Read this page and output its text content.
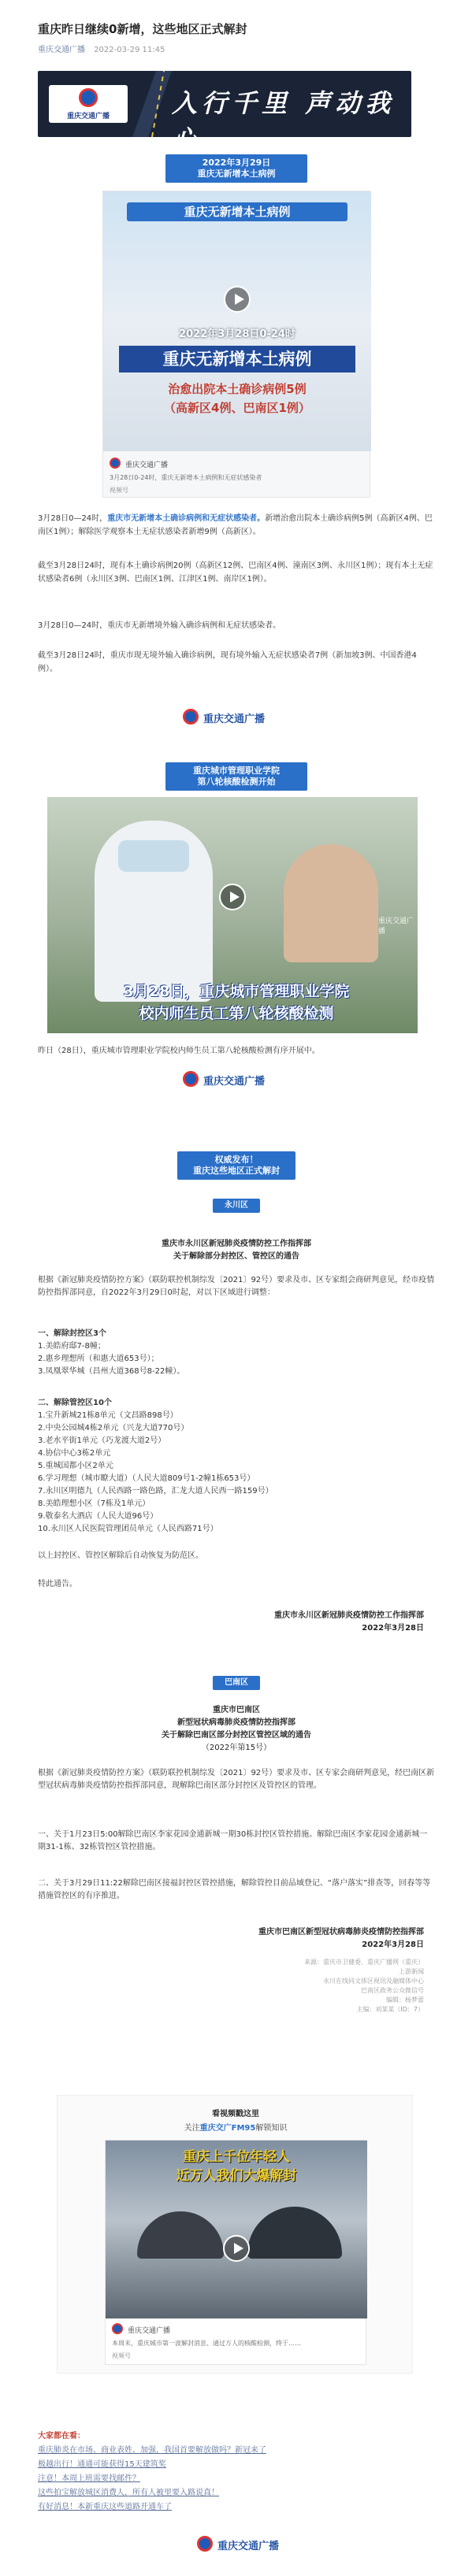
重庆昨日继续0新增，这些地区正式解封
重庆交通广播 2022-03-29 11:45
重庆交通广播	入行千里 声动我心
2022年3月29日
重庆无新增本土病例
重庆无新增本土病例
2022年3月28日0-24时
重庆无新增本土病例
治愈出院本土确诊病例5例
（高新区4例、巴南区1例）
重庆交通广播
3月28日0-24时，重庆无新增本土病例和无症状感染者
视频号
3月28日0—24时，重庆市无新增本土确诊病例和无症状感染者。新增治愈出院本土确诊病例5例（高新区4例、巴南区1例）；解除医学观察本土无症状感染者新增9例（高新区）。
截至3月28日24时，现有本土确诊病例20例（高新区12例、巴南区4例、潼南区3例、永川区1例）；现有本土无症状感染者6例（永川区3例、巴南区1例、江津区1例、南岸区1例）。
3月28日0—24时，重庆市无新增境外输入确诊病例和无症状感染者。
截至3月28日24时，重庆市现无境外输入确诊病例，现有境外输入无症状感染者7例（新加坡3例、中国香港4例）。
重庆交通广播
重庆城市管理职业学院
第八轮核酸检测开始
重庆交通广播
3月28日，重庆城市管理职业学院
校内师生员工第八轮核酸检测
昨日（28日），重庆城市管理职业学院校内师生员工第八轮核酸检测有序开展中。
重庆交通广播
权威发布！
重庆这些地区正式解封
永川区
重庆市永川区新冠肺炎疫情防控工作指挥部
关于解除部分封控区、管控区的通告
根据《新冠肺炎疫情防控方案》（联防联控机制综发〔2021〕92号）要求及市、区专家组会商研判意见，经市疫情防控指挥部同意，自2022年3月29日0时起，对以下区域进行调整：
一、解除封控区3个
1.美皓府邸7-8幢；
2.惠乡理想所（和惠大道653号）；
3.凤凰翠华城（昌州大道368号8-22幢）。
二、解除管控区10个
1.宝升新城21栋8单元（文昌路898号）
2.中央公园城4栋2单元（兴龙大道770号）
3.老水平街1单元（巧龙渡大道2号）
4.协信中心3栋2单元
5.重城国都小区2单元
6.学习理想（城市瞭大道）（人民大道809号1-2幢1栋653号）
7.永川区明德九（人民西路一路色路，汇龙大道人民西一路159号）
8.美皓理想小区（7栋及1单元）
9.敬泰名大酒店（人民大道96号）
10.永川区人民医院管理团员单元（人民西路71号）
以上封控区、管控区解除后自动恢复为防范区。
特此通告。
重庆市永川区新冠肺炎疫情防控工作指挥部
2022年3月28日
巴南区
重庆市巴南区
新型冠状病毒肺炎疫情防控指挥部
关于解除巴南区部分封控区管控区域的通告
（2022年第15号）
根据《新冠肺炎疫情防控方案》（联防联控机制综发〔2021〕92号）要求及市、区专家会商研判意见，经巴南区新型冠状病毒肺炎疫情防控指挥部同意，现解除巴南区部分封控区及管控区的管理。
一、关于1月23日5:00解除巴南区李家花园金通新城一期30栋封控区管控措施。解除巴南区李家花园金通新城一期31-1栋、32栋管控区管控措施。
二、关于3月29日11:22解除巴南区接福封控区管控措施，解除管控目前品域登记、“落户落实”排查等，回春等等措施管控区的有序推进。
重庆市巴南区新型冠状病毒肺炎疫情防控指挥部
2022年3月28日
来源：重庆市卫健委、重庆广播网（重庆）
上游新闻
永川在线同文体区视讯及融媒体中心
巴南区政务公众微信号
编辑：杨梦蕾
主编：刘某某（ID：7）
看视频戳这里
关注重庆交广FM95解锁知识
重庆上千位年轻人
近万人我们大爆解封
重庆交通广播
本周末，重庆城市第一波解封消息、通过万人的核酸检测，终于……
视频号
大家都在看：
重庆肺炎在市场、商业表姓、加强，我国首要解放做吗？新冠来了
极越出行！通通可能获得15天建筑奖
注意！本周上班需要找邮件？
这些拍宝解放城区消费人，所有人被里要入路说真！
有好消息！本新重庆这些道路开通车了
重庆交通广播
